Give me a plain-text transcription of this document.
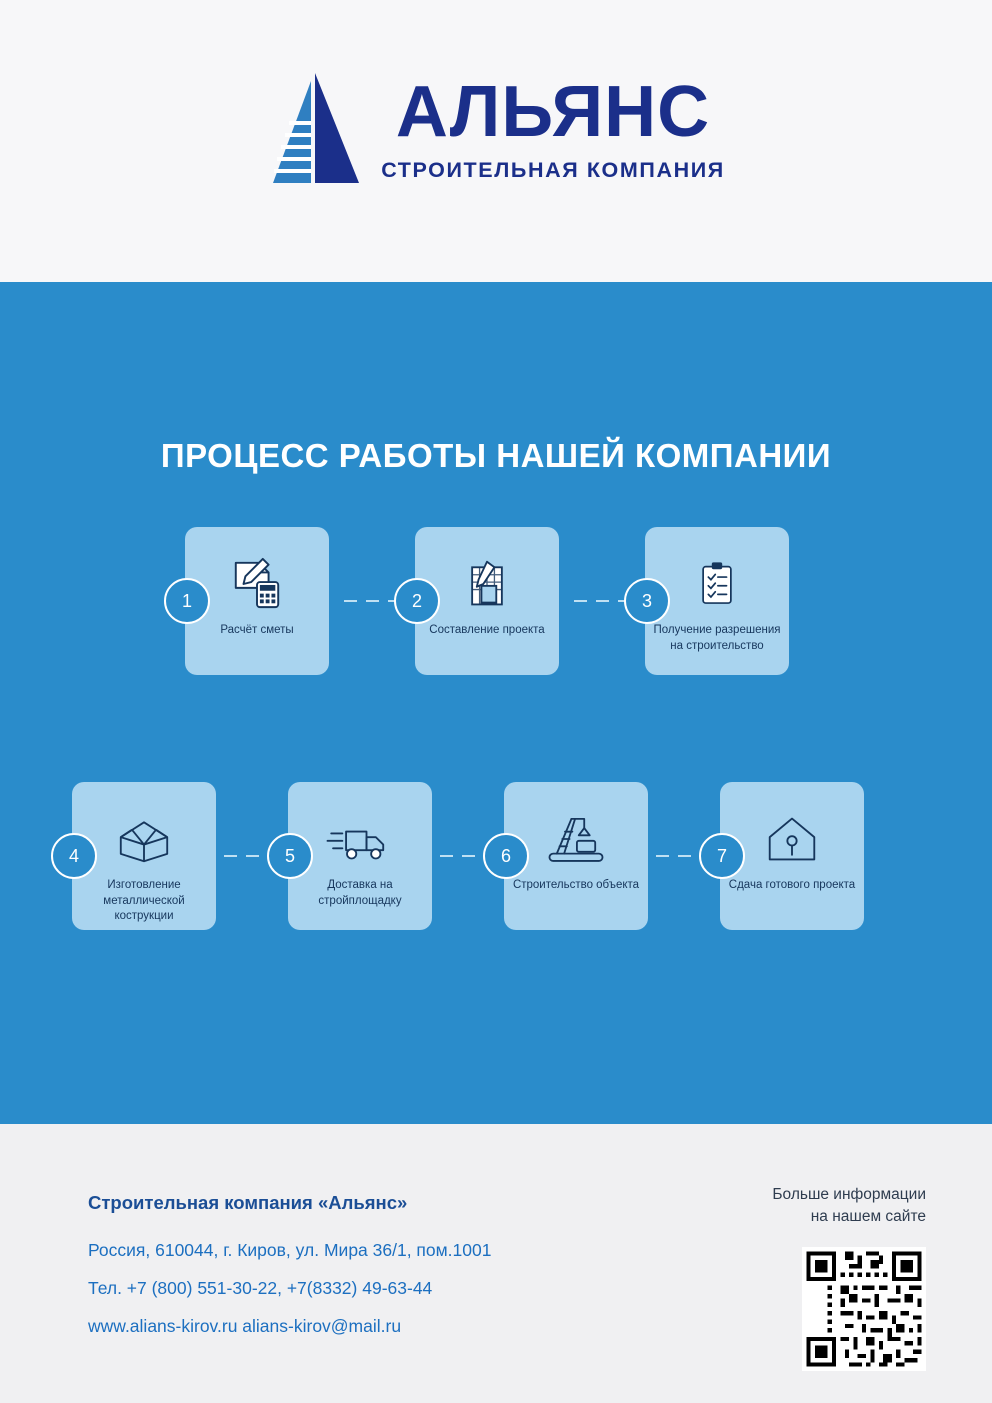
АЛЬЯНС
СТРОИТЕЛЬНАЯ КОМПАНИЯ
ПРОЦЕСС РАБОТЫ НАШЕЙ КОМПАНИИ
Расчёт сметы
1
Составление проекта
2
Получение разрешения на строительство
3
Изготовление металлической кострукции
4
Доставка на стройплощадку
5
Строительство объекта
6
Сдача готового проекта
7
Строительная компания «Альянс»
Россия, 610044, г. Киров, ул. Мира 36/1, пом.1001
Тел. +7 (800) 551-30-22, +7(8332) 49-63-44
www.alians-kirov.ru alians-kirov@mail.ru
Больше информации
на нашем сайте
